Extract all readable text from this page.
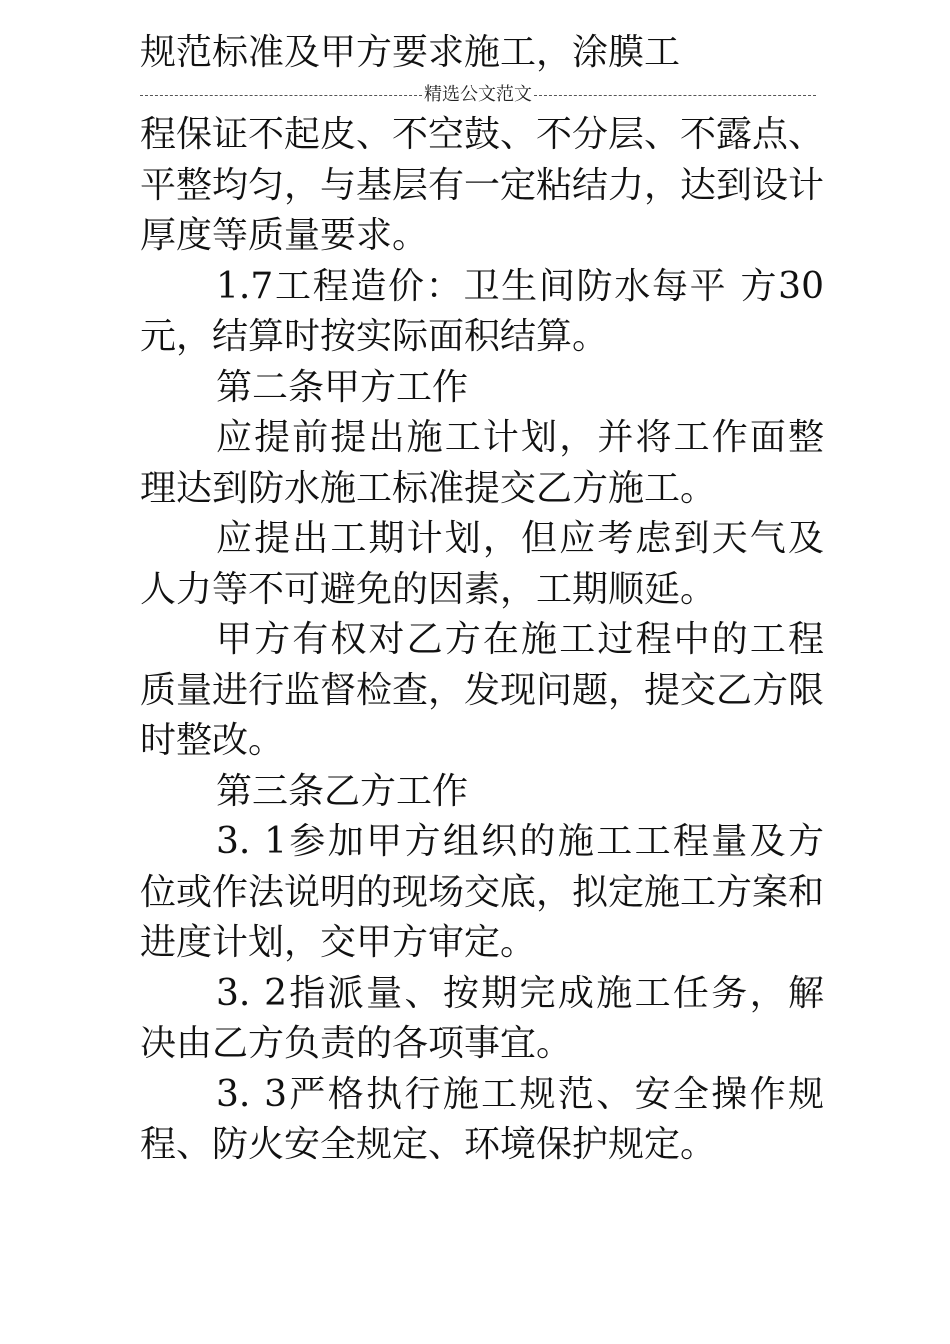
规范标准及甲方要求施工，涂膜工
精选公文范文

程保证不起皮、不空鼓、不分层、不露点、平整均匀，与基层有一定粘结力，达到设计厚度等质量要求。

1.7工程造价：卫生间防水每平 方30元，结算时按实际面积结算。

第二条甲方工作

应提前提出施工计划，并将工作面整理达到防水施工标准提交乙方施工。

应提出工期计划，但应考虑到天气及人力等不可避免的因素，工期顺延。

甲方有权对乙方在施工过程中的工程质量进行监督检查，发现问题，提交乙方限时整改。

第三条乙方工作

3. 1参加甲方组织的施工工程量及方位或作法说明的现场交底，拟定施工方案和进度计划，交甲方审定。

3. 2指派量、按期完成施工任务，解决由乙方负责的各项事宜。

3. 3严格执行施工规范、安全操作规程、防火安全规定、环境保护规定。
